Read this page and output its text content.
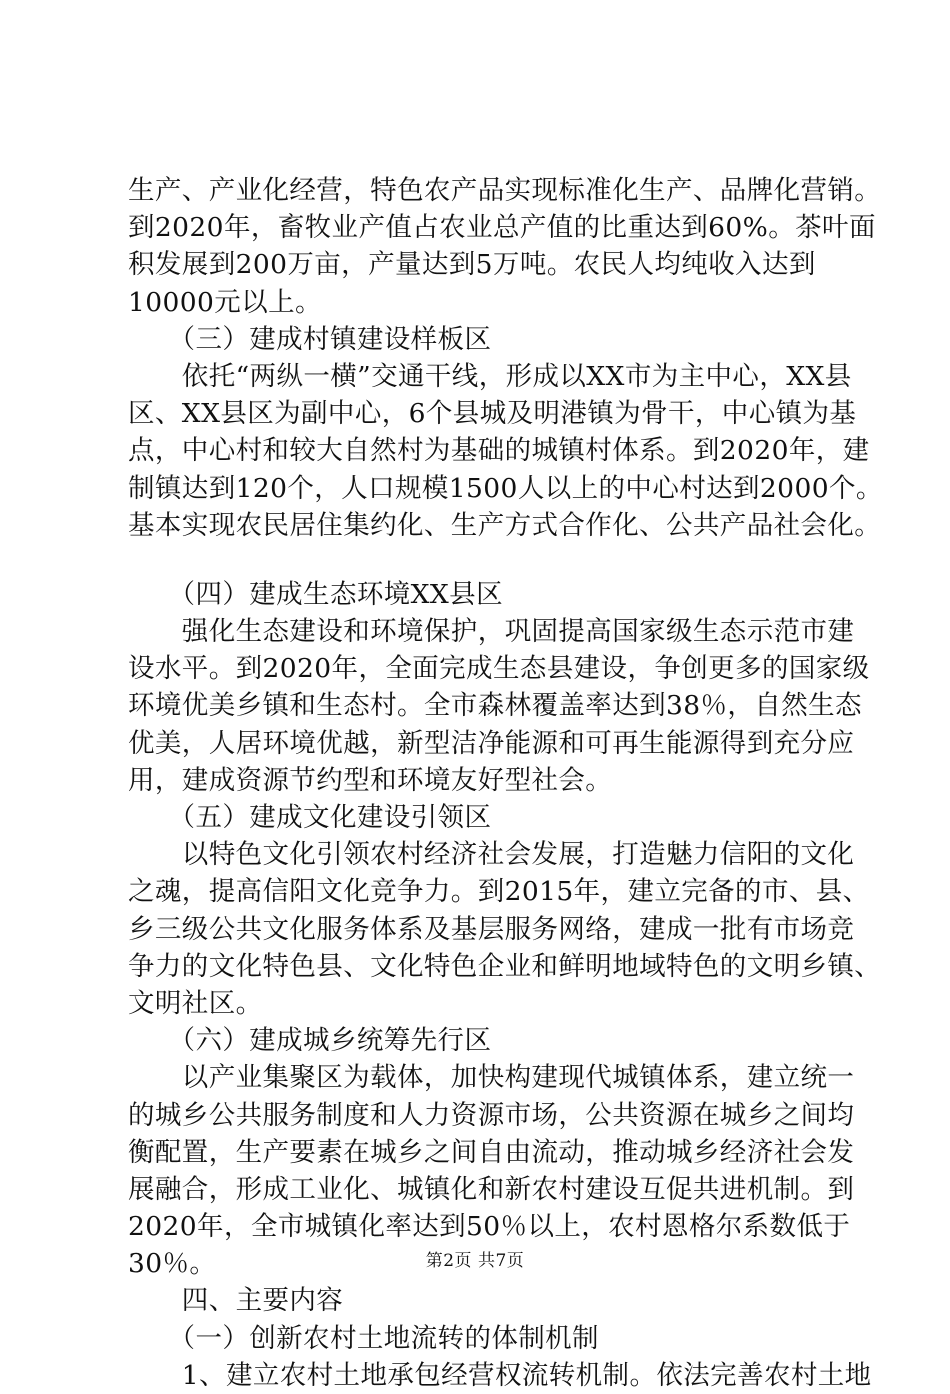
生产、产业化经营，特色农产品实现标准化生产、品牌化营销。
到2020年，畜牧业产值占农业总产值的比重达到60%。茶叶面
积发展到200万亩，产量达到5万吨。农民人均纯收入达到
10000元以上。
　　（三）建成村镇建设样板区
　　依托“两纵一横”交通干线，形成以XX市为主中心，XX县
区、XX县区为副中心，6个县城及明港镇为骨干，中心镇为基
点，中心村和较大自然村为基础的城镇村体系。到2020年，建
制镇达到120个，人口规模1500人以上的中心村达到2000个。
基本实现农民居住集约化、生产方式合作化、公共产品社会化。
　　（四）建成生态环境XX县区
　　强化生态建设和环境保护，巩固提高国家级生态示范市建
设水平。到2020年，全面完成生态县建设，争创更多的国家级
环境优美乡镇和生态村。全市森林覆盖率达到38％，自然生态
优美，人居环境优越，新型洁净能源和可再生能源得到充分应
用，建成资源节约型和环境友好型社会。
　　（五）建成文化建设引领区
　　以特色文化引领农村经济社会发展，打造魅力信阳的文化
之魂，提高信阳文化竞争力。到2015年，建立完备的市、县、
乡三级公共文化服务体系及基层服务网络，建成一批有市场竞
争力的文化特色县、文化特色企业和鲜明地域特色的文明乡镇、
文明社区。
　　（六）建成城乡统筹先行区
　　以产业集聚区为载体，加快构建现代城镇体系，建立统一
的城乡公共服务制度和人力资源市场，公共资源在城乡之间均
衡配置，生产要素在城乡之间自由流动，推动城乡经济社会发
展融合，形成工业化、城镇化和新农村建设互促共进机制。到
2020年，全市城镇化率达到50％以上，农村恩格尔系数低于
30％。
　　四、主要内容
　　（一）创新农村土地流转的体制机制
　　1、建立农村土地承包经营权流转机制。依法完善农村土地
第2页 共7页
